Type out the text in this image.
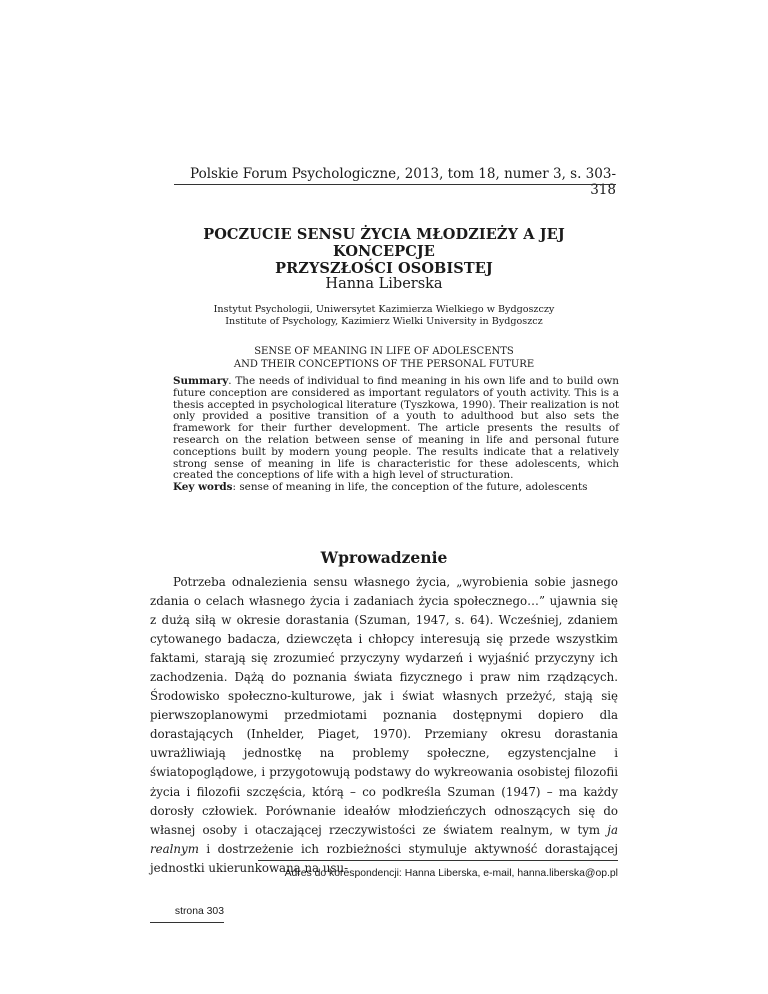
Polskie Forum Psychologiczne, 2013, tom 18, numer 3, s. 303-318
POCZUCIE SENSU ŻYCIA MŁODZIEŻY A JEJ KONCEPCJE
PRZYSZŁOŚCI OSOBISTEJ
Hanna Liberska
Instytut Psychologii, Uniwersytet Kazimierza Wielkiego w Bydgoszczy
Institute of Psychology, Kazimierz Wielki University in Bydgoszcz
SENSE OF MEANING IN LIFE OF ADOLESCENTS
AND THEIR CONCEPTIONS OF THE PERSONAL FUTURE

Summary. The needs of individual to find meaning in his own life and to build own future conception are considered as important regulators of youth activity. This is a thesis accepted in psychological literature (Tyszkowa, 1990). Their realization is not only provided a positive transition of a youth to adulthood but also sets the framework for their further development. The article presents the results of research on the relation between sense of meaning in life and personal future conceptions built by modern young people. The results indicate that a relatively strong sense of meaning in life is characteristic for these adolescents, which created the conceptions of life with a high level of structuration.

Key words: sense of meaning in life, the conception of the future, adolescents

Wprowadzenie

Potrzeba odnalezienia sensu własnego życia, „wyrobienia sobie jasnego zdania o celach własnego życia i zadaniach życia społecznego…” ujawnia się z dużą siłą w okresie dorastania (Szuman, 1947, s. 64). Wcześniej, zdaniem cytowanego badacza, dziewczęta i chłopcy interesują się przede wszystkim faktami, starają się zrozumieć przyczyny wydarzeń i wyjaśnić przyczyny ich zachodzenia. Dążą do poznania świata fizycznego i praw nim rządzących. Środowisko społeczno-kulturowe, jak i świat własnych przeżyć, stają się pierwszoplanowymi przedmiotami poznania dostępnymi dopiero dla dorastających (Inhelder, Piaget, 1970). Przemiany okresu dorastania uwrażliwiają jednostkę na problemy społeczne, egzystencjalne i światopoglądowe, i przygotowują podstawy do wykreowania osobistej filozofii życia i filozofii szczęścia, którą – co podkreśla Szuman (1947) – ma każdy dorosły człowiek. Porównanie ideałów młodzieńczych odnoszących się do własnej osoby i otaczającej rzeczywistości ze światem realnym, w tym ja realnym i dostrzeżenie ich rozbieżności stymuluje aktywność dorastającej jednostki ukierunkowaną na usu-

Adres do korespondencji: Hanna Liberska, e-mail, hanna.liberska@op.pl
strona 303
